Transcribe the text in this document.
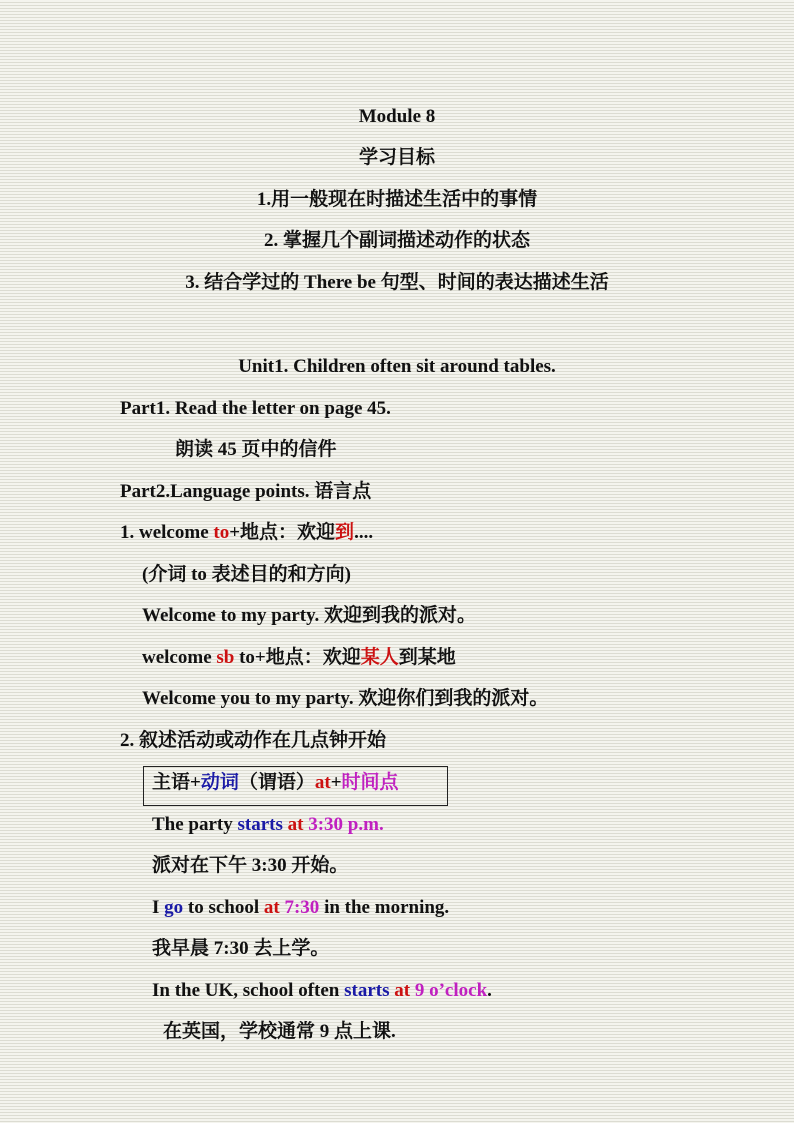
Module 8
学习目标
1.用一般现在时描述生活中的事情
2. 掌握几个副词描述动作的状态
3. 结合学过的 There be 句型、时间的表达描述生活
Unit1. Children often sit around tables.
Part1. Read the letter on page 45.
朗读 45 页中的信件
Part2.Language points. 语言点
1. welcome to+地点：欢迎到....
(介词 to 表述目的和方向)
Welcome to my party. 欢迎到我的派对。
welcome sb to+地点：欢迎某人到某地
Welcome you to my party. 欢迎你们到我的派对。
2. 叙述活动或动作在几点钟开始
主语+动词（谓语）at+时间点
The party starts at 3:30 p.m.
派对在下午 3:30 开始。
I go to school at 7:30 in the morning.
我早晨 7:30 去上学。
In the UK, school often starts at 9 o’clock.
在英国，学校通常 9 点上课.
